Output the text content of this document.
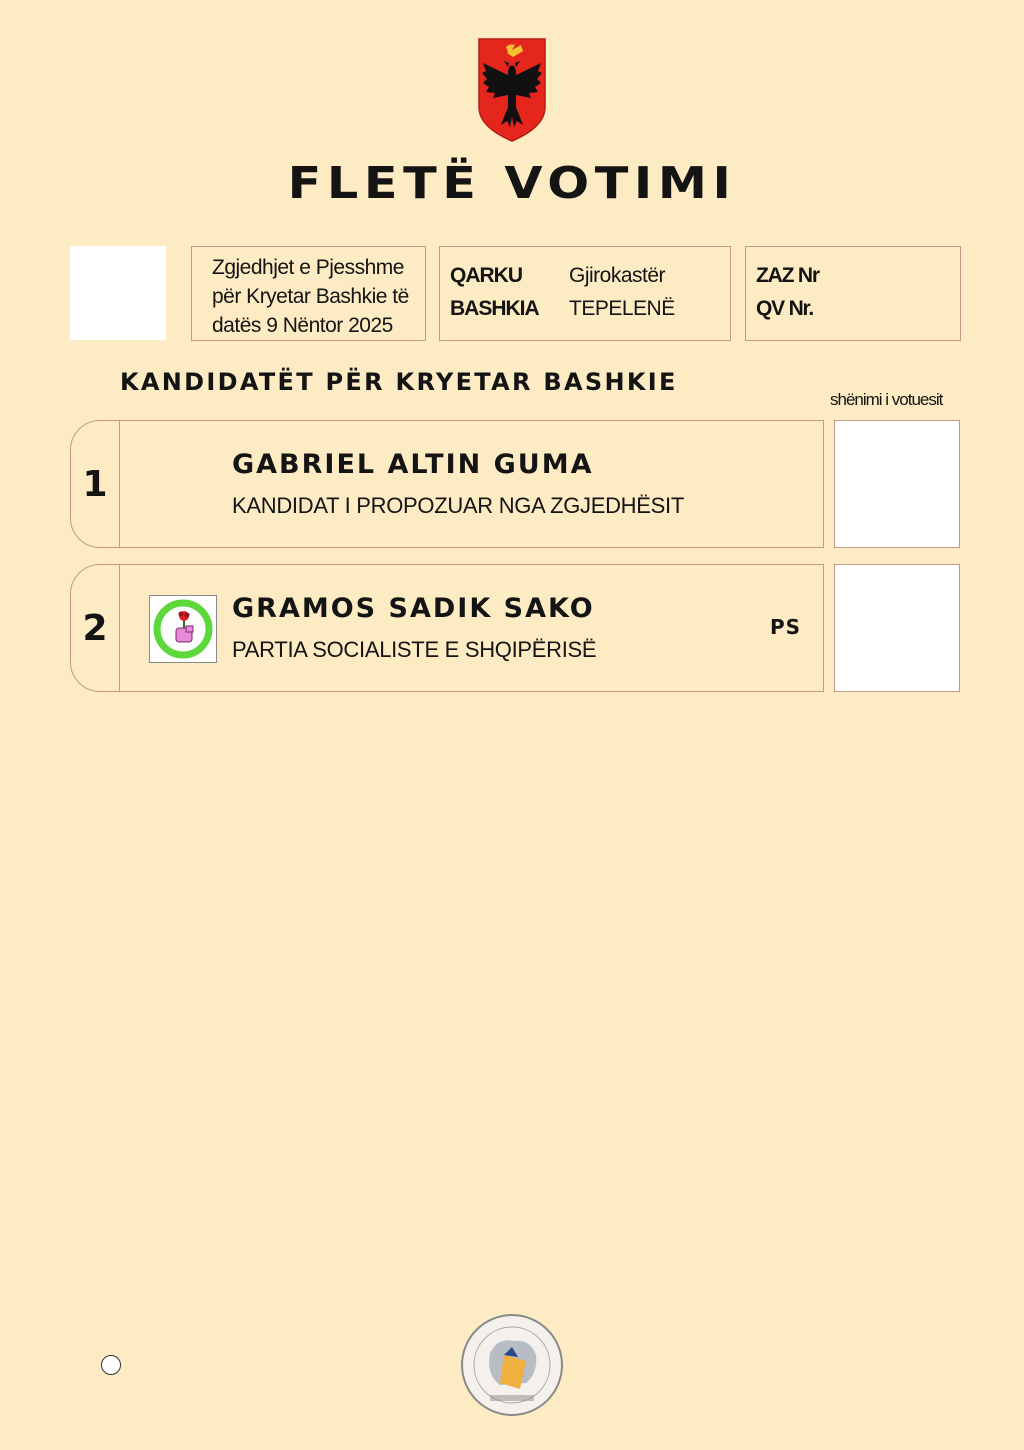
FLETË VOTIMI
Zgjedhjet e Pjesshme
për Kryetar Bashkie të
datës 9 Nëntor 2025
QARKU Gjirokastër
BASHKIA TEPELENË
ZAZ Nr
QV Nr.
KANDIDATËT PËR KRYETAR BASHKIE
shënimi i votuesit
1	GABRIEL ALTIN GUMA
KANDIDAT I PROPOZUAR NGA ZGJEDHËSIT
2	GRAMOS SADIK SAKO
PARTIA SOCIALISTE E SHQIPËRISË
PS
